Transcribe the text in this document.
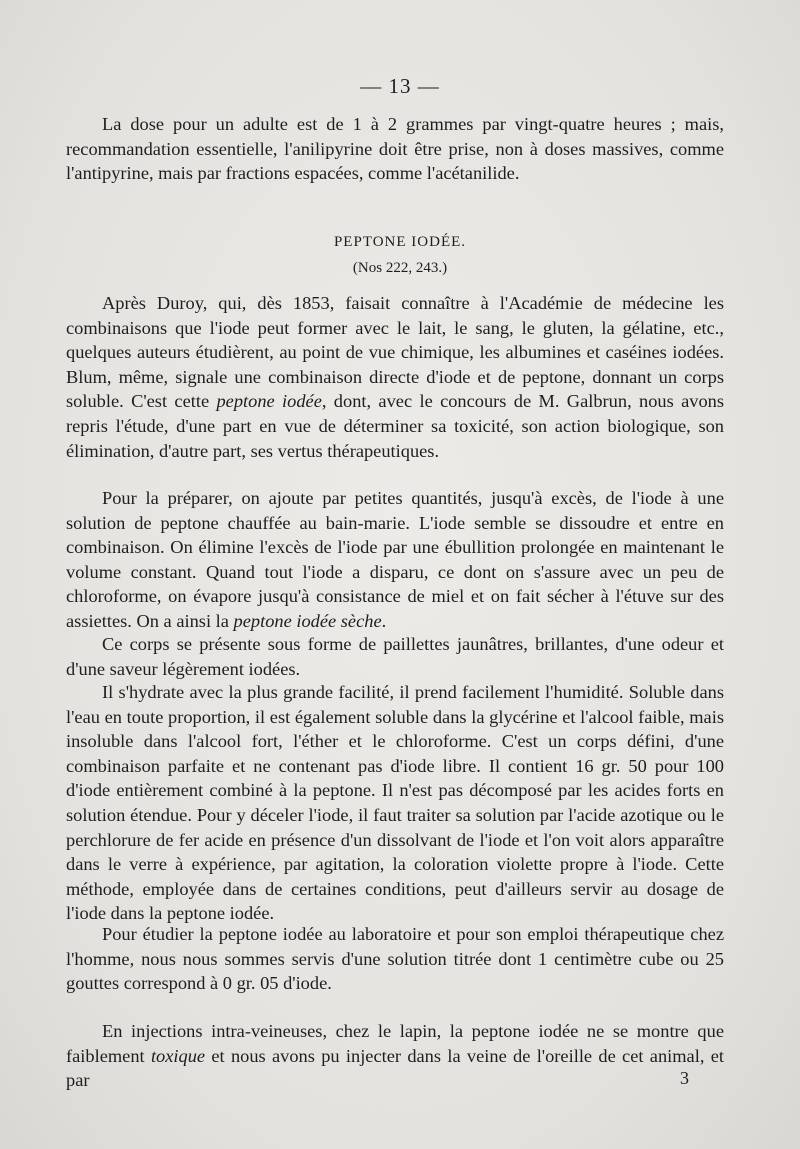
— 13 —

La dose pour un adulte est de 1 à 2 grammes par vingt-quatre heures ; mais, recommandation essentielle, l'anilipyrine doit être prise, non à doses massives, comme l'antipyrine, mais par fractions espacées, comme l'acétanilide.

PEPTONE IODÉE.
(Nos 222, 243.)

Après Duroy, qui, dès 1853, faisait connaître à l'Académie de médecine les combinaisons que l'iode peut former avec le lait, le sang, le gluten, la gélatine, etc., quelques auteurs étudièrent, au point de vue chimique, les albumines et caséines iodées. Blum, même, signale une combinaison directe d'iode et de peptone, donnant un corps soluble. C'est cette peptone iodée, dont, avec le concours de M. Galbrun, nous avons repris l'étude, d'une part en vue de déterminer sa toxicité, son action biologique, son élimination, d'autre part, ses vertus thérapeutiques.

Pour la préparer, on ajoute par petites quantités, jusqu'à excès, de l'iode à une solution de peptone chauffée au bain-marie. L'iode semble se dissoudre et entre en combinaison. On élimine l'excès de l'iode par une ébullition prolongée en maintenant le volume constant. Quand tout l'iode a disparu, ce dont on s'assure avec un peu de chloroforme, on évapore jusqu'à consistance de miel et on fait sécher à l'étuve sur des assiettes. On a ainsi la peptone iodée sèche.

Ce corps se présente sous forme de paillettes jaunâtres, brillantes, d'une odeur et d'une saveur légèrement iodées.

Il s'hydrate avec la plus grande facilité, il prend facilement l'humidité. Soluble dans l'eau en toute proportion, il est également soluble dans la glycérine et l'alcool faible, mais insoluble dans l'alcool fort, l'éther et le chloroforme. C'est un corps défini, d'une combinaison parfaite et ne contenant pas d'iode libre. Il contient 16 gr. 50 pour 100 d'iode entièrement combiné à la peptone. Il n'est pas décomposé par les acides forts en solution étendue. Pour y déceler l'iode, il faut traiter sa solution par l'acide azotique ou le perchlorure de fer acide en présence d'un dissolvant de l'iode et l'on voit alors apparaître dans le verre à expérience, par agitation, la coloration violette propre à l'iode. Cette méthode, employée dans de certaines conditions, peut d'ailleurs servir au dosage de l'iode dans la peptone iodée.

Pour étudier la peptone iodée au laboratoire et pour son emploi thérapeutique chez l'homme, nous nous sommes servis d'une solution titrée dont 1 centimètre cube ou 25 gouttes correspond à 0 gr. 05 d'iode.

En injections intra-veineuses, chez le lapin, la peptone iodée ne se montre que faiblement toxique et nous avons pu injecter dans la veine de l'oreille de cet animal, et par	3
